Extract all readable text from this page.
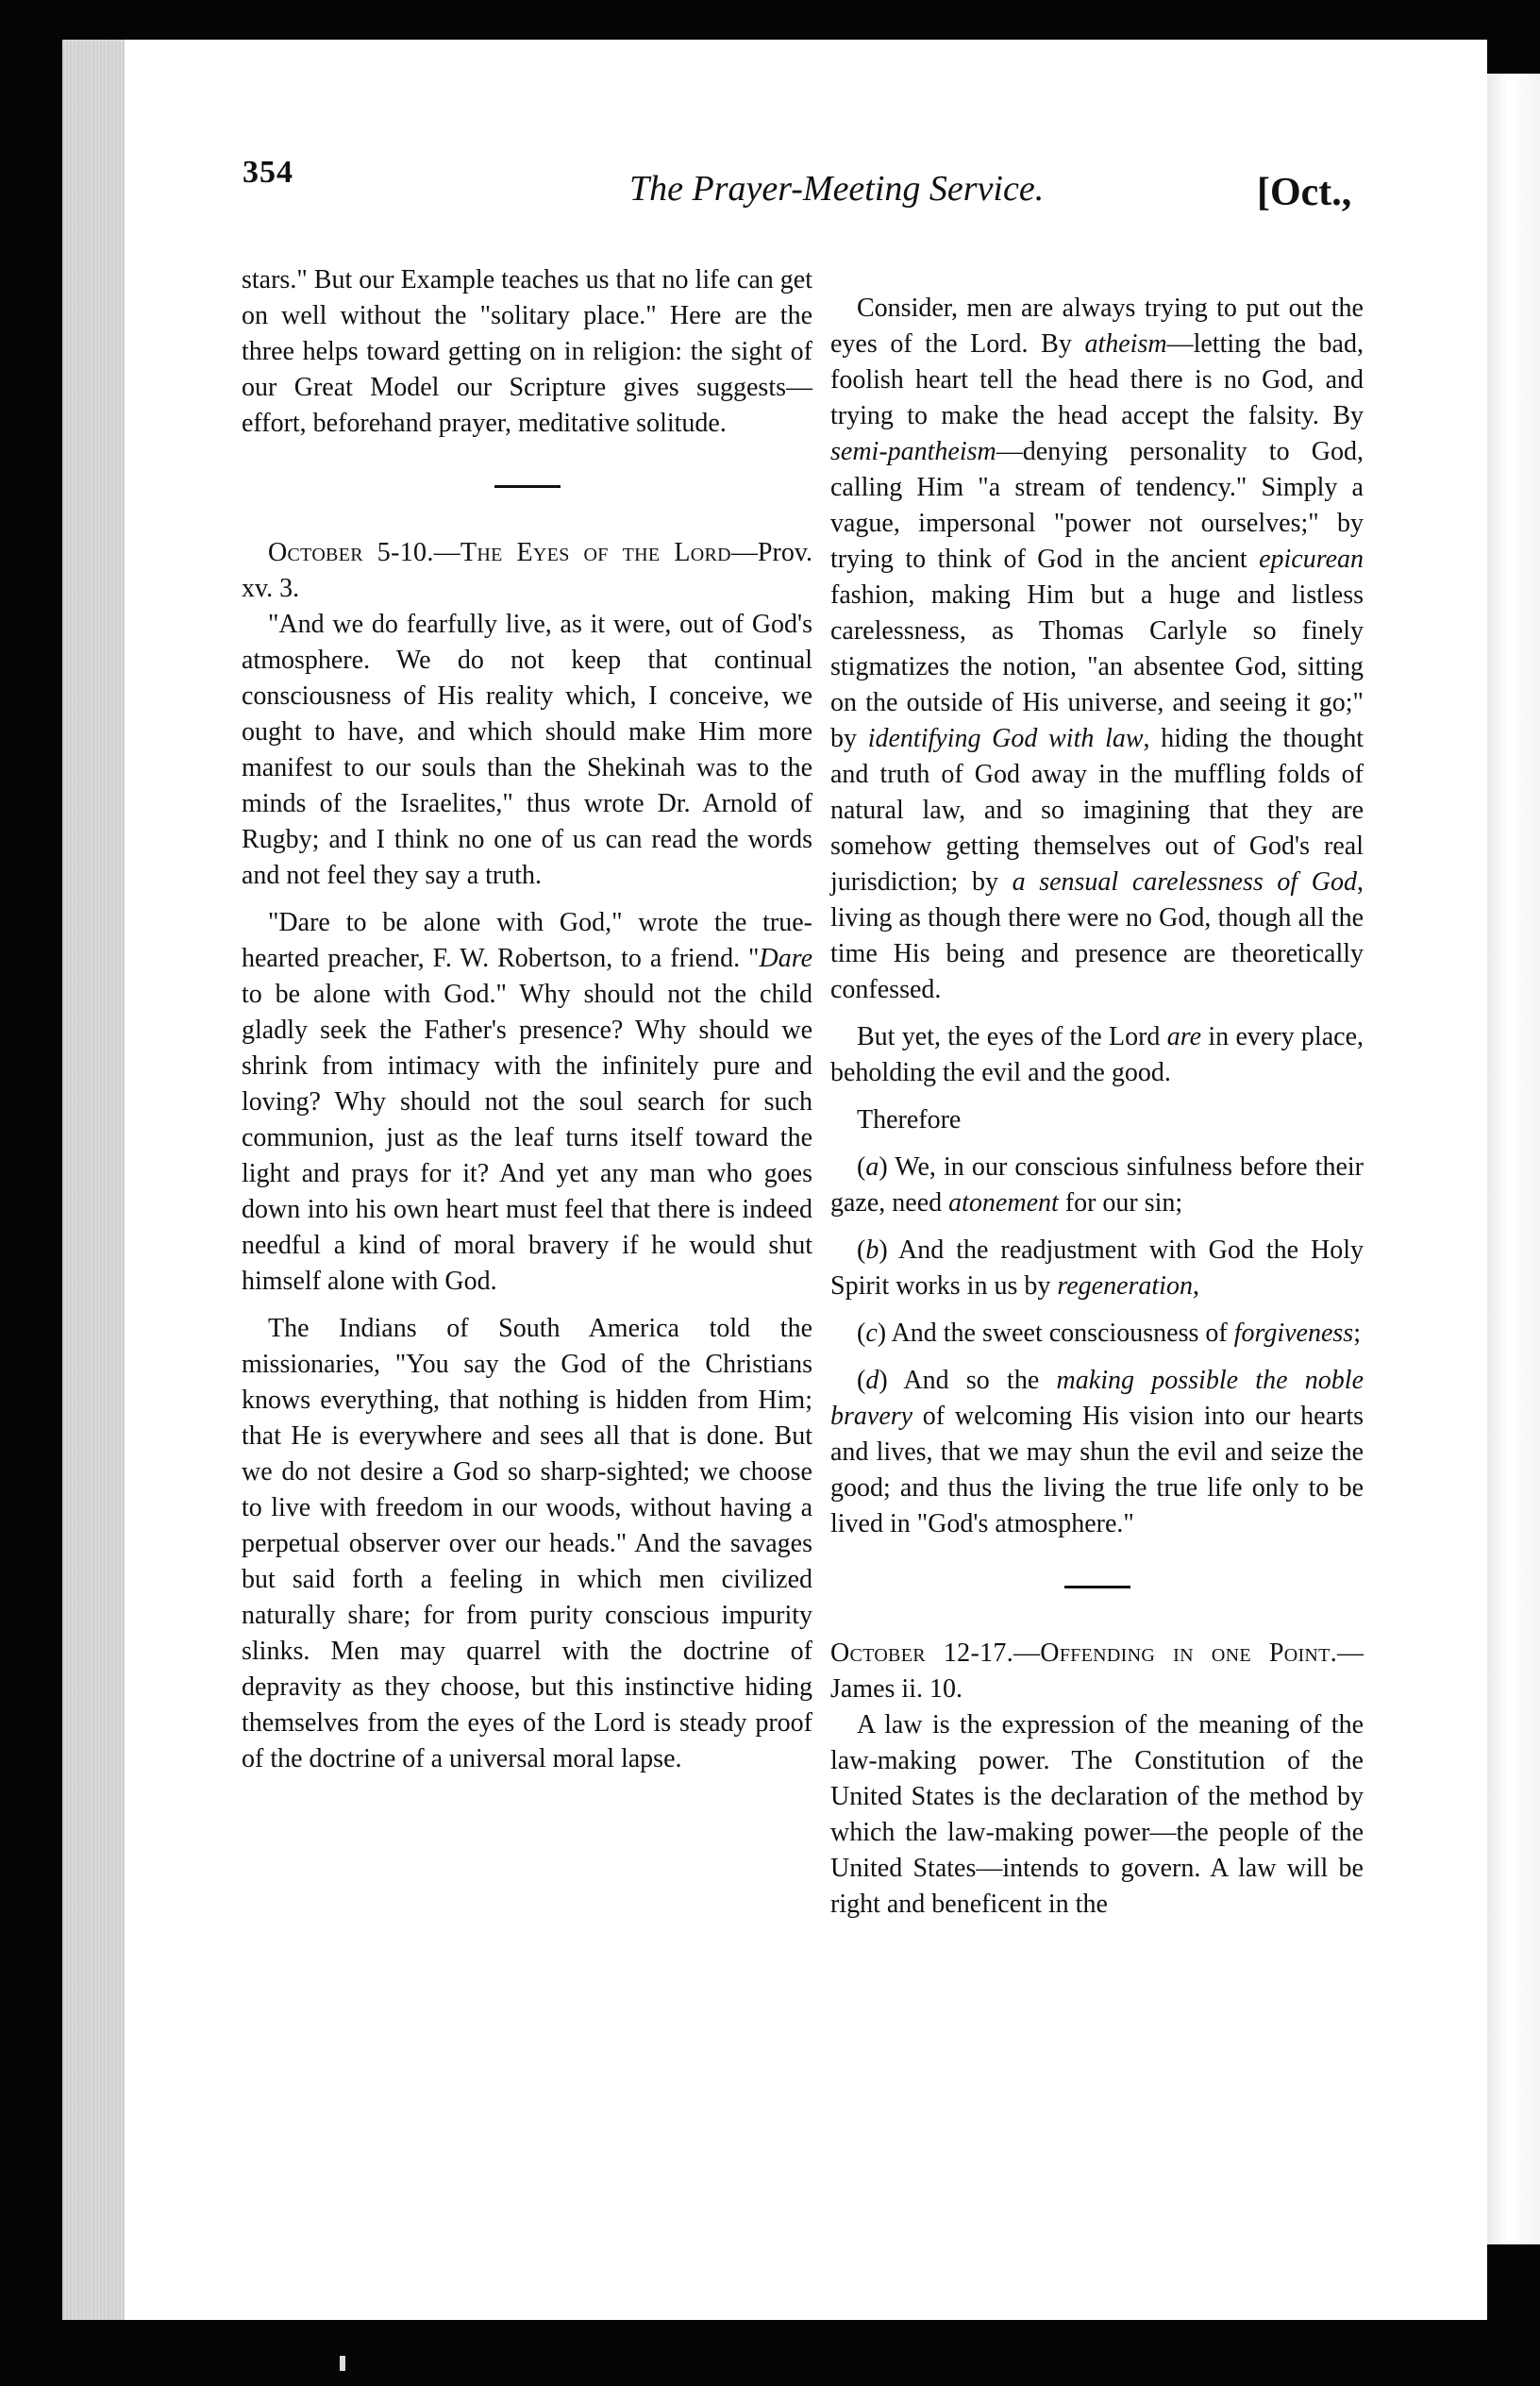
354	The Prayer-Meeting Service.	[Oct.,

stars." But our Example teaches us that no life can get on well without the "solitary place." Here are the three helps toward getting on in religion: the sight of our Great Model our Scripture gives suggests—effort, beforehand prayer, meditative solitude.

October 5-10.—The Eyes of the Lord—Prov. xv. 3.

"And we do fearfully live, as it were, out of God's atmosphere. We do not keep that continual consciousness of His reality which, I conceive, we ought to have, and which should make Him more manifest to our souls than the Shekinah was to the minds of the Israelites," thus wrote Dr. Arnold of Rugby; and I think no one of us can read the words and not feel they say a truth.

"Dare to be alone with God," wrote the true-hearted preacher, F. W. Robertson, to a friend. "Dare to be alone with God." Why should not the child gladly seek the Father's presence? Why should we shrink from intimacy with the infinitely pure and loving? Why should not the soul search for such communion, just as the leaf turns itself toward the light and prays for it? And yet any man who goes down into his own heart must feel that there is indeed needful a kind of moral bravery if he would shut himself alone with God.

The Indians of South America told the missionaries, "You say the God of the Christians knows everything, that nothing is hidden from Him; that He is everywhere and sees all that is done. But we do not desire a God so sharp-sighted; we choose to live with freedom in our woods, without having a perpetual observer over our heads." And the savages but said forth a feeling in which men civilized naturally share; for from purity conscious impurity slinks. Men may quarrel with the doctrine of depravity as they choose, but this instinctive hiding themselves from the eyes of the Lord is steady proof of the doctrine of a universal moral lapse.

Consider, men are always trying to put out the eyes of the Lord. By atheism—letting the bad, foolish heart tell the head there is no God, and trying to make the head accept the falsity. By semi-pantheism—denying personality to God, calling Him "a stream of tendency." Simply a vague, impersonal "power not ourselves;" by trying to think of God in the ancient epicurean fashion, making Him but a huge and listless carelessness, as Thomas Carlyle so finely stigmatizes the notion, "an absentee God, sitting on the outside of His universe, and seeing it go;" by identifying God with law, hiding the thought and truth of God away in the muffling folds of natural law, and so imagining that they are somehow getting themselves out of God's real jurisdiction; by a sensual carelessness of God, living as though there were no God, though all the time His being and presence are theoretically confessed.

But yet, the eyes of the Lord are in every place, beholding the evil and the good.

Therefore

(a) We, in our conscious sinfulness before their gaze, need atonement for our sin;

(b) And the readjustment with God the Holy Spirit works in us by regeneration,

(c) And the sweet consciousness of forgiveness;

(d) And so the making possible the noble bravery of welcoming His vision into our hearts and lives, that we may shun the evil and seize the good; and thus the living the true life only to be lived in "God's atmosphere."

October 12-17.—Offending in one Point.—James ii. 10.

A law is the expression of the meaning of the law-making power. The Constitution of the United States is the declaration of the method by which the law-making power—the people of the United States—intends to govern. A law will be right and beneficent in the
